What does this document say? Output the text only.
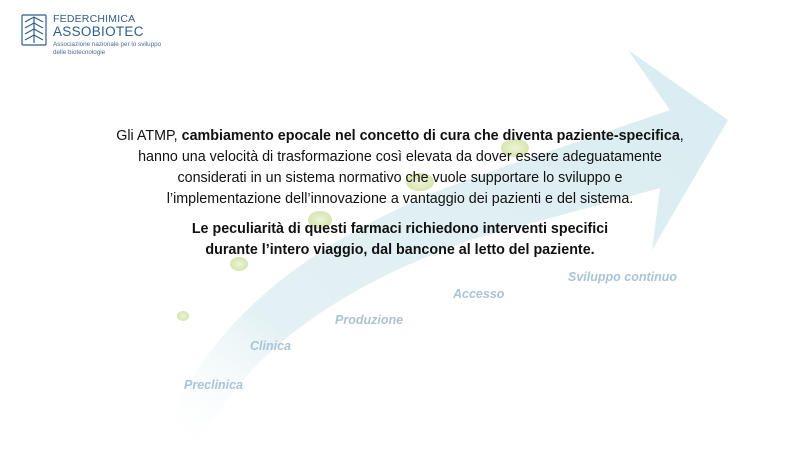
FEDERCHIMICA
ASSOBIOTEC
Associazione nazionale per lo sviluppo
delle biotecnologie
Gli ATMP, cambiamento epocale nel concetto di cura che diventa paziente-specifica,
hanno una velocità di trasformazione così elevata da dover essere adeguatamente
considerati in un sistema normativo che vuole supportare lo sviluppo e
l’implementazione dell’innovazione a vantaggio dei pazienti e del sistema.
Le peculiarità di questi farmaci richiedono interventi specifici
durante l’intero viaggio, dal bancone al letto del paziente.
Preclinica
Clinica
Produzione
Accesso
Sviluppo continuo
